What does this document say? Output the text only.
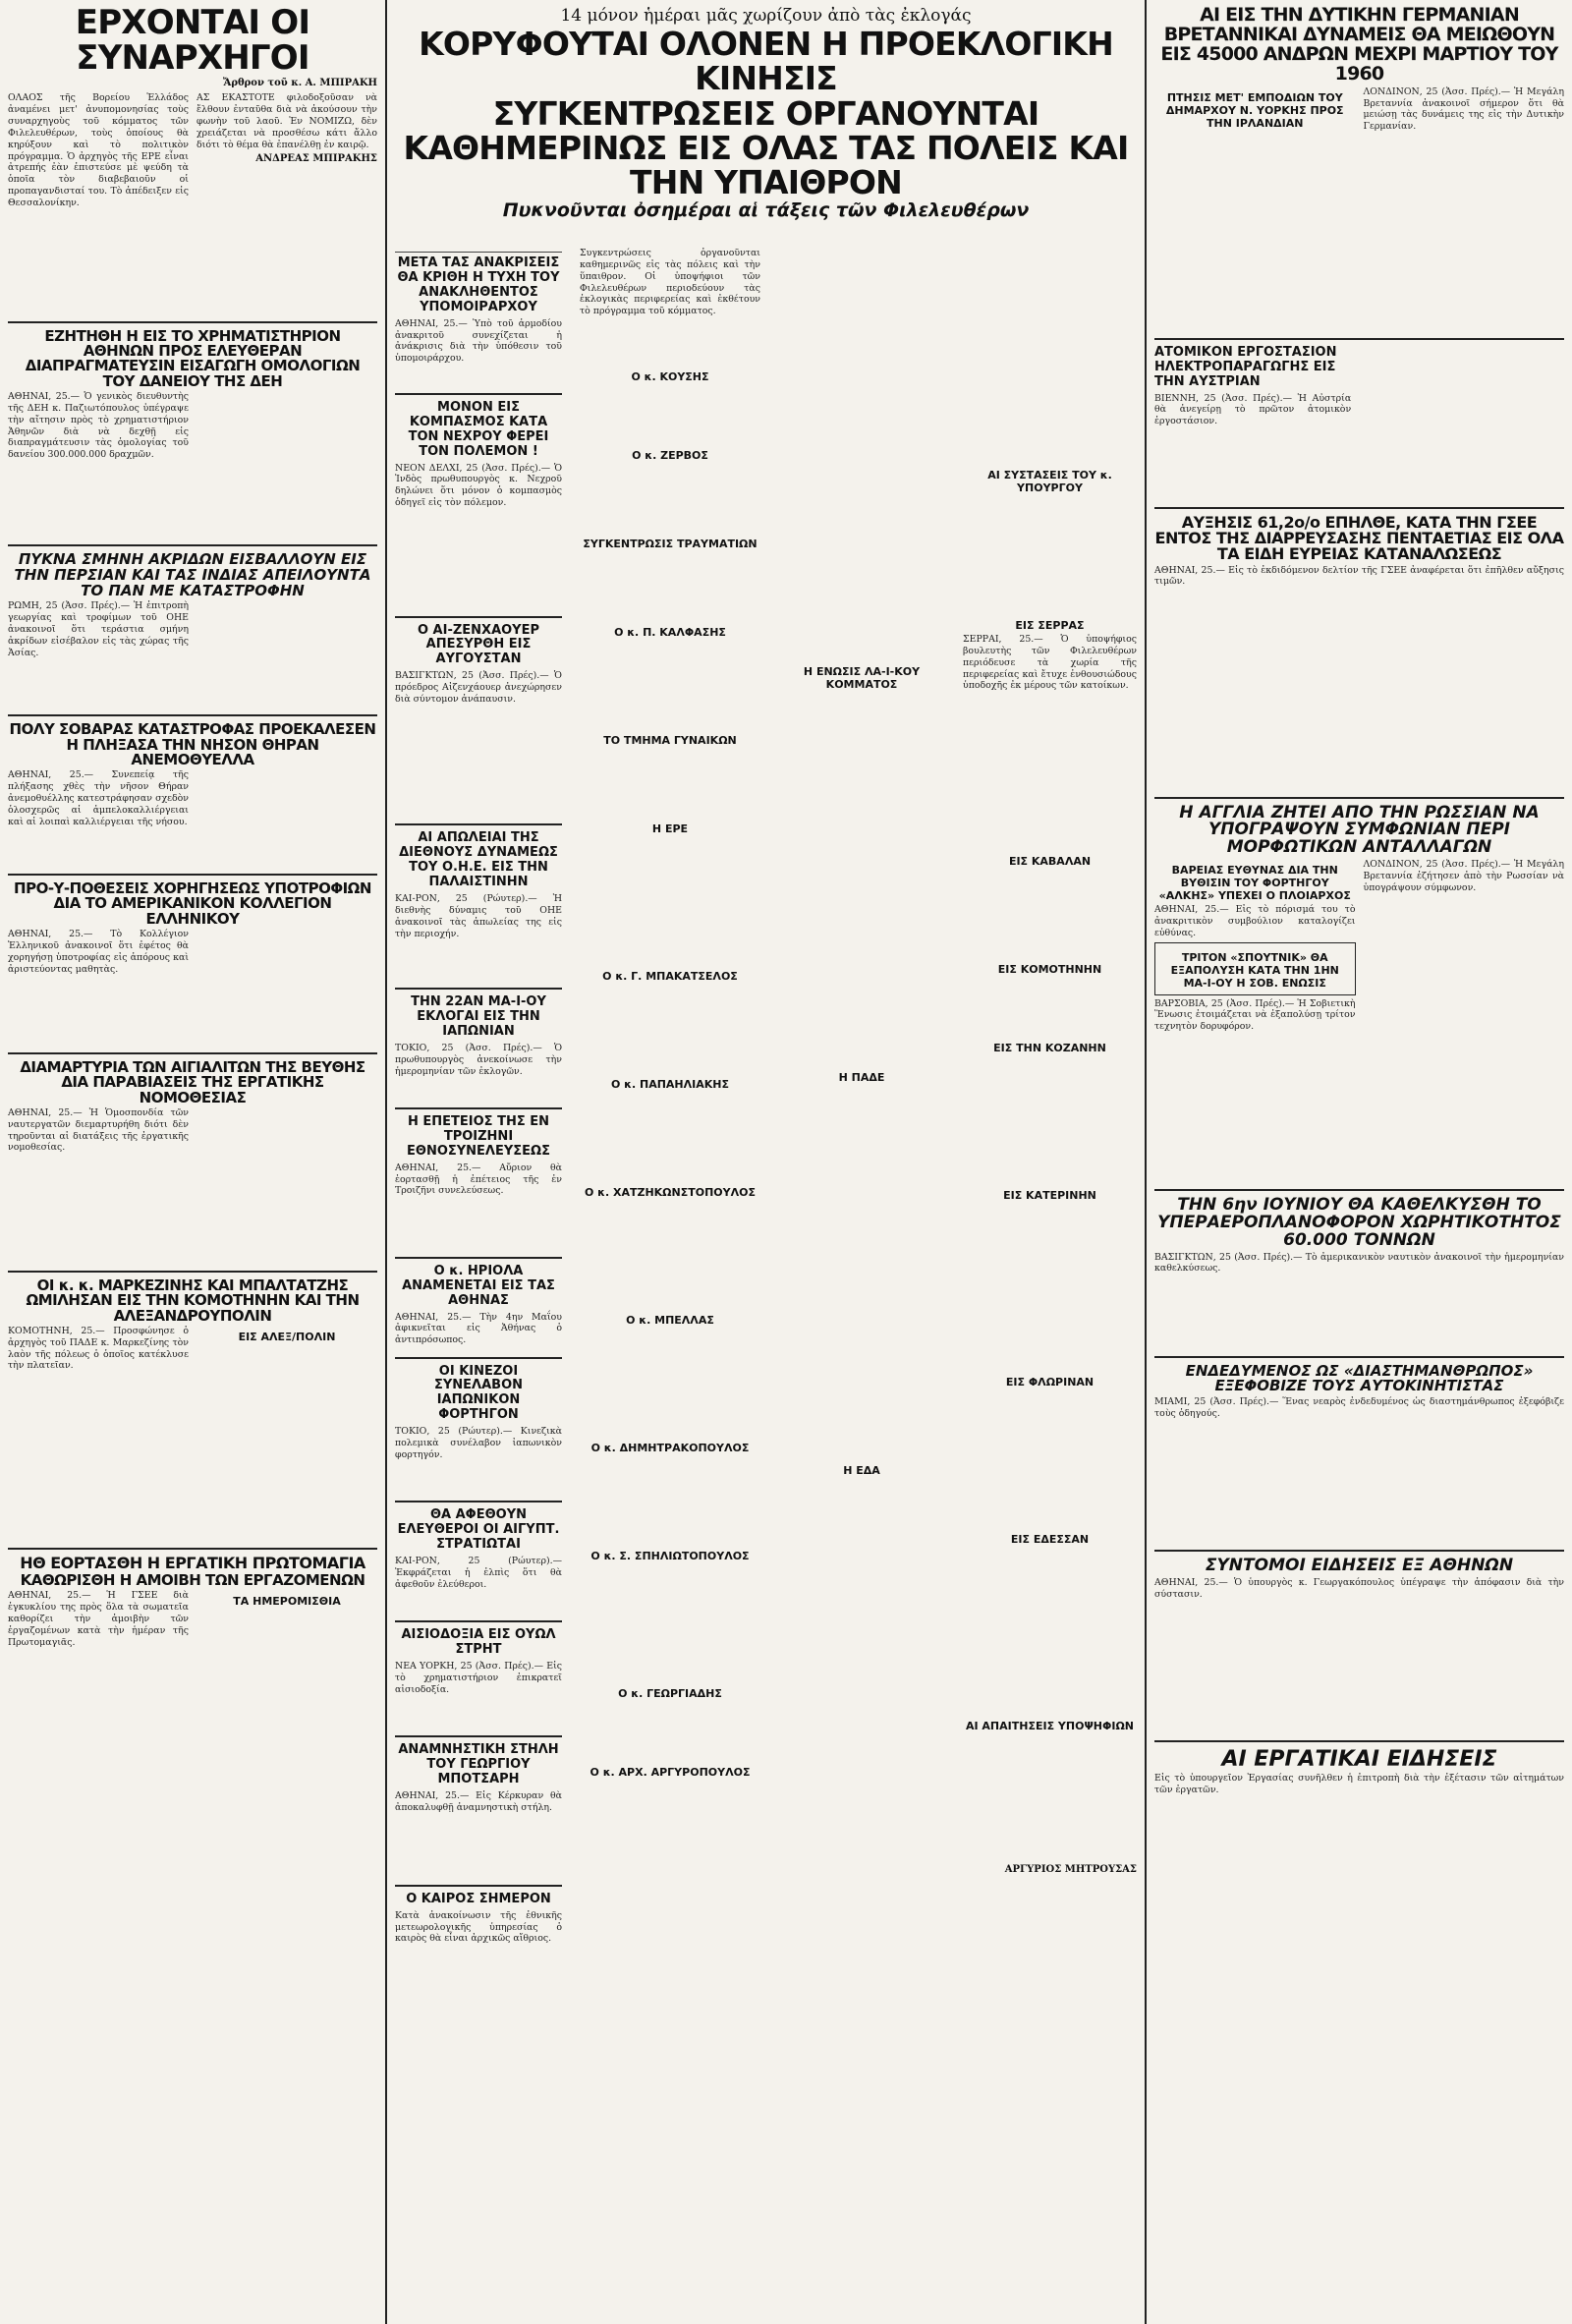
ΕΡΧΟΝΤΑΙ ΟΙ ΣΥΝΑΡΧΗΓΟΙ
Ἄρθρον τοῦ κ. Α. ΜΠΙΡΑΚΗ

ΟΛΑΟΣ τῆς Βορείου Ἑλλάδος ἀναμένει μετ' ἀνυπομονησίας τοὺς συναρχηγοὺς τοῦ κόμματος τῶν Φιλελευθέρων, τοὺς ὁποίους θὰ κηρύξουν καὶ τὸ πολιτικὸν πρόγραμμα. Ὁ ἀρχηγὸς τῆς ΕΡΕ εἶναι ἀτρεπής ἐὰν ἐπιστεύσε μὲ ψεύδη τὰ ὁποῖα τὸν διαβεβαιοῦν οἱ προπαγανδισταί του. Τὸ ἀπέδειξεν εἰς Θεσσαλονίκην.

ΑΣ ΕΚΑΣΤΟΤΕ φιλοδοξοῦσαν νὰ ἔλθουν ἐνταῦθα διὰ νὰ ἀκούσουν τὴν φωνὴν τοῦ λαοῦ. Ἐν ΝΟΜΙΖΩ, δὲν χρειάζεται νὰ προσθέσω κάτι ἄλλο διότι τὸ θέμα θὰ ἐπανέλθῃ ἐν καιρῷ.

ΑΝΔΡΕΑΣ ΜΠΙΡΑΚΗΣ
ΕΖΗΤΗΘΗ Η ΕΙΣ ΤΟ ΧΡΗΜΑΤΙΣΤΗΡΙΟΝ ΑΘΗΝΩΝ ΠΡΟΣ ΕΛΕΥΘΕΡΑΝ ΔΙΑΠΡΑΓΜΑΤΕΥΣΙΝ ΕΙΣΑΓΩΓΗ ΟΜΟΛΟΓΙΩΝ ΤΟΥ ΔΑΝΕΙΟΥ ΤΗΣ ΔΕΗ

ΑΘΗΝΑΙ, 25.— Ὁ γενικὸς διευθυντὴς τῆς ΔΕΗ κ. Παζιωτόπουλος ὑπέγραψε τὴν αἴτησιν πρὸς τὸ χρηματιστήριον Ἀθηνῶν διὰ νὰ δεχθῇ εἰς διαπραγμάτευσιν τὰς ὁμολογίας τοῦ δανείου 300.000.000 δραχμῶν.

ΠΥΚΝΑ ΣΜΗΝΗ ΑΚΡΙΔΩΝ ΕΙΣΒΑΛΛΟΥΝ ΕΙΣ ΤΗΝ ΠΕΡΣΙΑΝ ΚΑΙ ΤΑΣ ΙΝΔΙΑΣ ΑΠΕΙΛΟΥΝΤΑ ΤΟ ΠΑΝ ΜΕ ΚΑΤΑΣΤΡΟΦΗΝ

ΡΩΜΗ, 25 (Ἀσσ. Πρές).— Ἡ ἐπιτροπὴ γεωργίας καὶ τροφίμων τοῦ ΟΗΕ ἀνακοινοῖ ὅτι τεράστια σμήνη ἀκρίδων εἰσέβαλον εἰς τὰς χώρας τῆς Ἀσίας.

ΠΟΛΥ ΣΟΒΑΡΑΣ ΚΑΤΑΣΤΡΟΦΑΣ ΠΡΟΕΚΑΛΕΣΕΝ Η ΠΛΗΞΑΣΑ ΤΗΝ ΝΗΣΟΝ ΘΗΡΑΝ ΑΝΕΜΟΘΥΕΛΛΑ

ΑΘΗΝΑΙ, 25.— Συνεπείᾳ τῆς πλήξασης χθὲς τὴν νῆσον Θήραν ἀνεμοθυέλλης κατεστράφησαν σχεδὸν ὁλοσχερῶς αἱ ἀμπελοκαλλιέργειαι καὶ αἱ λοιπαὶ καλλιέργειαι τῆς νήσου.

ΠΡΟ-Υ-ΠΟΘΕΣΕΙΣ ΧΟΡΗΓΗΣΕΩΣ ΥΠΟΤΡΟΦΙΩΝ ΔΙΑ ΤΟ ΑΜΕΡΙΚΑΝΙΚΟΝ ΚΟΛΛΕΓΙΟΝ ΕΛΛΗΝΙΚΟΥ

ΑΘΗΝΑΙ, 25.— Τὸ Κολλέγιον Ἑλληνικοῦ ἀνακοινοῖ ὅτι ἐφέτος θὰ χορηγήσῃ ὑποτροφίας εἰς ἀπόρους καὶ ἀριστεύοντας μαθητὰς.

ΔΙΑΜΑΡΤΥΡΙΑ ΤΩΝ ΑΙΓΙΑΛΙΤΩΝ ΤΗΣ ΒΕΥΘΗΣ ΔΙΑ ΠΑΡΑΒΙΑΣΕΙΣ ΤΗΣ ΕΡΓΑΤΙΚΗΣ ΝΟΜΟΘΕΣΙΑΣ

ΑΘΗΝΑΙ, 25.— Ἡ Ὁμοσπονδία τῶν ναυτεργατῶν διεμαρτυρήθη διότι δὲν τηροῦνται αἱ διατάξεις τῆς ἐργατικῆς νομοθεσίας.

ΟΙ κ. κ. ΜΑΡΚΕΖΙΝΗΣ ΚΑΙ ΜΠΑΛΤΑΤΖΗΣ ΩΜΙΛΗΣΑΝ ΕΙΣ ΤΗΝ ΚΟΜΟΤΗΝΗΝ ΚΑΙ ΤΗΝ ΑΛΕΞΑΝΔΡΟΥΠΟΛΙΝ

ΚΟΜΟΤΗΝΗ, 25.— Προσφώνησε ὁ ἀρχηγὸς τοῦ ΠΑΔΕ κ. Μαρκεζίνης τὸν λαὸν τῆς πόλεως ὁ ὁποῖος κατέκλυσε τὴν πλατεῖαν.

ΕΙΣ ΑΛΕΞ/ΠΟΛΙΝ
ΗΘ ΕΟΡΤΑΣΘΗ Η ΕΡΓΑΤΙΚΗ ΠΡΩΤΟΜΑΓΙΑ
ΚΑΘΩΡΙΣΘΗ Η ΑΜΟΙΒΗ ΤΩΝ ΕΡΓΑΖΟΜΕΝΩΝ

ΑΘΗΝΑΙ, 25.— Ἡ ΓΣΕΕ διὰ ἐγκυκλίου της πρὸς ὅλα τὰ σωματεῖα καθορίζει τὴν ἀμοιβὴν τῶν ἐργαζομένων κατὰ τὴν ἡμέραν τῆς Πρωτομαγιᾶς.

ΤΑ ΗΜΕΡΟΜΙΣΘΙΑ
14 μόνον ἡμέραι μᾶς χωρίζουν ἀπὸ τὰς ἐκλογάς
ΚΟΡΥΦΟΥΤΑΙ ΟΛΟΝΕΝ Η ΠΡΟΕΚΛΟΓΙΚΗ ΚΙΝΗΣΙΣ
ΣΥΓΚΕΝΤΡΩΣΕΙΣ ΟΡΓΑΝΟΥΝΤΑΙ ΚΑΘΗΜΕΡΙΝΩΣ ΕΙΣ ΟΛΑΣ ΤΑΣ ΠΟΛΕΙΣ ΚΑΙ ΤΗΝ ΥΠΑΙΘΡΟΝ
Πυκνοῦνται ὀσημέραι αἱ τάξεις τῶν Φιλελευθέρων
ΜΕΤΑ ΤΑΣ ΑΝΑΚΡΙΣΕΙΣ ΘΑ ΚΡΙΘΗ Η ΤΥΧΗ ΤΟΥ ΑΝΑΚΛΗΘΕΝΤΟΣ ΥΠΟΜΟΙΡΑΡΧΟΥ

ΑΘΗΝΑΙ, 25.— Ὑπὸ τοῦ ἀρμοδίου ἀνακριτοῦ συνεχίζεται ἡ ἀνάκρισις διὰ τὴν ὑπόθεσιν τοῦ ὑπομοιράρχου.

ΜΟΝΟΝ ΕΙΣ ΚΟΜΠΑΣΜΟΣ ΚΑΤΑ ΤΟΝ ΝΕΧΡΟΥ ΦΕΡΕΙ ΤΟΝ ΠΟΛΕΜΟΝ !

ΝΕΟΝ ΔΕΛΧΙ, 25 (Ἀσσ. Πρές).— Ὁ Ἰνδὸς πρωθυπουργὸς κ. Νεχροῦ δηλώνει ὅτι μόνον ὁ κομπασμὸς ὁδηγεῖ εἰς τὸν πόλεμον.

Ο ΑΙ-ΖΕΝΧΑΟΥΕΡ ΑΠΕΣΥΡΘΗ ΕΙΣ ΑΥΓΟΥΣΤΑΝ

ΒΑΣΙΓΚΤΩΝ, 25 (Ἀσσ. Πρές).— Ὁ πρόεδρος Αἰζενχάουερ ἀνεχώρησεν διὰ σύντομον ἀνάπαυσιν.

ΑΙ ΑΠΩΛΕΙΑΙ ΤΗΣ ΔΙΕΘΝΟΥΣ ΔΥΝΑΜΕΩΣ ΤΟΥ Ο.Η.Ε. ΕΙΣ ΤΗΝ ΠΑΛΑΙΣΤΙΝΗΝ

ΚΑΙ-ΡΟΝ, 25 (Ρώυτερ).— Ἡ διεθνὴς δύναμις τοῦ ΟΗΕ ἀνακοινοῖ τὰς ἀπωλείας της εἰς τὴν περιοχήν.

ΤΗΝ 22ΑΝ ΜΑ-Ι-ΟΥ ΕΚΛΟΓΑΙ ΕΙΣ ΤΗΝ ΙΑΠΩΝΙΑΝ

ΤΟΚΙΟ, 25 (Ἀσσ. Πρές).— Ὁ πρωθυπουργὸς ἀνεκοίνωσε τὴν ἡμερομηνίαν τῶν ἐκλογῶν.

Η ΕΠΕΤΕΙΟΣ ΤΗΣ ΕΝ ΤΡΟΙΖΗΝΙ ΕΘΝΟΣΥΝΕΛΕΥΣΕΩΣ

ΑΘΗΝΑΙ, 25.— Αὔριον θὰ ἑορτασθῇ ἡ ἐπέτειος τῆς ἐν Τροιζῆνι συνελεύσεως.

Ο κ. ΗΡΙΟΛΑ ΑΝΑΜΕΝΕΤΑΙ ΕΙΣ ΤΑΣ ΑΘΗΝΑΣ

ΑΘΗΝΑΙ, 25.— Τὴν 4ην Μαΐου ἀφικνεῖται εἰς Ἀθήνας ὁ ἀντιπρόσωπος.

ΟΙ ΚΙΝΕΖΟΙ ΣΥΝΕΛΑΒΟΝ ΙΑΠΩΝΙΚΟΝ ΦΟΡΤΗΓΟΝ

ΤΟΚΙΟ, 25 (Ρώυτερ).— Κινεζικὰ πολεμικὰ συνέλαβον ἰαπωνικὸν φορτηγόν.

ΘΑ ΑΦΕΘΟΥΝ ΕΛΕΥΘΕΡΟΙ ΟΙ ΑΙΓΥΠΤ. ΣΤΡΑΤΙΩΤΑΙ

ΚΑΙ-ΡΟΝ, 25 (Ρώυτερ).— Ἐκφράζεται ἡ ἐλπὶς ὅτι θὰ ἀφεθοῦν ἐλεύθεροι.

ΑΙΣΙΟΔΟΞΙΑ ΕΙΣ ΟΥΩΛ ΣΤΡΗΤ

ΝΕΑ ΥΟΡΚΗ, 25 (Ἀσσ. Πρές).— Εἰς τὸ χρηματιστήριον ἐπικρατεῖ αἰσιοδοξία.

ΑΝΑΜΝΗΣΤΙΚΗ ΣΤΗΛΗ ΤΟΥ ΓΕΩΡΓΙΟΥ ΜΠΟΤΣΑΡΗ

ΑΘΗΝΑΙ, 25.— Εἰς Κέρκυραν θὰ ἀποκαλυφθῇ ἀναμνηστικὴ στήλη.

Ο ΚΑΙΡΟΣ ΣΗΜΕΡΟΝ

Κατὰ ἀνακοίνωσιν τῆς ἐθνικῆς μετεωρολογικῆς ὑπηρεσίας ὁ καιρὸς θὰ εἶναι ἀρχικῶς αἴθριος.

Συγκεντρώσεις ὀργανοῦνται καθημερινῶς εἰς τὰς πόλεις καὶ τὴν ὕπαιθρον. Οἱ ὑποψήφιοι τῶν Φιλελευθέρων περιοδεύουν τὰς ἐκλογικὰς περιφερείας καὶ ἐκθέτουν τὸ πρόγραμμα τοῦ κόμματος.

Ο κ. ΚΟΥΣΗΣ
Ο κ. ΖΕΡΒΟΣ
ΣΥΓΚΕΝΤΡΩΣΙΣ ΤΡΑΥΜΑΤΙΩΝ
Ο κ. Π. ΚΑΛΦΑΣΗΣ
ΤΟ ΤΜΗΜΑ ΓΥΝΑΙΚΩΝ
Η ΕΡΕ
Ο κ. Γ. ΜΠΑΚΑΤΣΕΛΟΣ
Ο κ. ΠΑΠΑΗΛΙΑΚΗΣ
Ο κ. ΧΑΤΖΗΚΩΝΣΤΟΠΟΥΛΟΣ
Ο κ. ΜΠΕΛΛΑΣ
Ο κ. ΔΗΜΗΤΡΑΚΟΠΟΥΛΟΣ
Ο κ. Σ. ΣΠΗΛΙΩΤΟΠΟΥΛΟΣ
Ο κ. ΓΕΩΡΓΙΑΔΗΣ
Ο κ. ΑΡΧ. ΑΡΓΥΡΟΠΟΥΛΟΣ
Η ΕΝΩΣΙΣ ΛΑ-Ι-ΚΟΥ ΚΟΜΜΑΤΟΣ
Η ΠΑΔΕ
Η ΕΔΑ
ΑΙ ΣΥΣΤΑΣΕΙΣ ΤΟΥ κ. ΥΠΟΥΡΓΟΥ
ΕΙΣ ΣΕΡΡΑΣ

ΣΕΡΡΑΙ, 25.— Ὁ ὑποψήφιος βουλευτὴς τῶν Φιλελευθέρων περιόδευσε τὰ χωρία τῆς περιφερείας καὶ ἔτυχε ἐνθουσιώδους ὑποδοχῆς ἐκ μέρους τῶν κατοίκων.

ΕΙΣ ΚΑΒΑΛΑΝ
ΕΙΣ ΚΟΜΟΤΗΝΗΝ
ΕΙΣ ΤΗΝ ΚΟΖΑΝΗΝ
ΕΙΣ ΚΑΤΕΡΙΝΗΝ
ΕΙΣ ΦΛΩΡΙΝΑΝ
ΕΙΣ ΕΔΕΣΣΑΝ
ΑΙ ΑΠΑΙΤΗΣΕΙΣ ΥΠΟΨΗΦΙΩΝ
ΑΡΓΥΡΙΟΣ ΜΗΤΡΟΥΣΑΣ
ΑΙ ΕΙΣ ΤΗΝ ΔΥΤΙΚΗΝ ΓΕΡΜΑΝΙΑΝ ΒΡΕΤΑΝΝΙΚΑΙ ΔΥΝΑΜΕΙΣ ΘΑ ΜΕΙΩΘΟΥΝ ΕΙΣ 45000 ΑΝΔΡΩΝ ΜΕΧΡΙ ΜΑΡΤΙΟΥ ΤΟΥ 1960
ΠΤΗΣΙΣ ΜΕΤ' ΕΜΠΟΔΙΩΝ ΤΟΥ ΔΗΜΑΡΧΟΥ Ν. ΥΟΡΚΗΣ ΠΡΟΣ ΤΗΝ ΙΡΛΑΝΔΙΑΝ

ΛΟΝΔΙΝΟΝ, 25 (Ἀσσ. Πρές).— Ἡ Μεγάλη Βρεταννία ἀνακοινοῖ σήμερον ὅτι θὰ μειώσῃ τὰς δυνάμεις της εἰς τὴν Δυτικὴν Γερμανίαν.

ΑΤΟΜΙΚΟΝ ΕΡΓΟΣΤΑΣΙΟΝ ΗΛΕΚΤΡΟΠΑΡΑΓΩΓΗΣ ΕΙΣ ΤΗΝ ΑΥΣΤΡΙΑΝ

ΒΙΕΝΝΗ, 25 (Ἀσσ. Πρές).— Ἡ Αὐστρία θὰ ἀνεγείρῃ τὸ πρῶτον ἀτομικὸν ἐργοστάσιον.

ΑΥΞΗΣΙΣ 61,2ο/ο ΕΠΗΛΘΕ, ΚΑΤΑ ΤΗΝ ΓΣΕΕ ΕΝΤΟΣ ΤΗΣ ΔΙΑΡΡΕΥΣΑΣΗΣ ΠΕΝΤΑΕΤΙΑΣ ΕΙΣ ΟΛΑ ΤΑ ΕΙΔΗ ΕΥΡΕΙΑΣ ΚΑΤΑΝΑΛΩΣΕΩΣ

ΑΘΗΝΑΙ, 25.— Εἰς τὸ ἐκδιδόμενον δελτίον τῆς ΓΣΕΕ ἀναφέρεται ὅτι ἐπῆλθεν αὔξησις τιμῶν.

Η ΑΓΓΛΙΑ ΖΗΤΕΙ ΑΠΟ ΤΗΝ ΡΩΣΣΙΑΝ ΝΑ ΥΠΟΓΡΑΨΟΥΝ ΣΥΜΦΩΝΙΑΝ ΠΕΡΙ ΜΟΡΦΩΤΙΚΩΝ ΑΝΤΑΛΛΑΓΩΝ
ΒΑΡΕΙΑΣ ΕΥΘΥΝΑΣ ΔΙΑ ΤΗΝ ΒΥΘΙΣΙΝ ΤΟΥ ΦΟΡΤΗΓΟΥ «ΑΛΚΗΣ» ΥΠΕΧΕΙ Ο ΠΛΟΙΑΡΧΟΣ

ΑΘΗΝΑΙ, 25.— Εἰς τὸ πόρισμά του τὸ ἀνακριτικὸν συμβούλιον καταλογίζει εὐθύνας.

ΤΡΙΤΟΝ «ΣΠΟΥΤΝΙΚ» ΘΑ ΕΞΑΠΟΛΥΣΗ ΚΑΤΑ ΤΗΝ 1ΗΝ ΜΑ-Ι-ΟΥ Η ΣΟΒ. ΕΝΩΣΙΣ

ΒΑΡΣΟΒΙΑ, 25 (Ἀσσ. Πρές).— Ἡ Σοβιετικὴ Ἕνωσις ἑτοιμάζεται νὰ ἐξαπολύσῃ τρίτον τεχνητὸν δορυφόρον.

ΛΟΝΔΙΝΟΝ, 25 (Ἀσσ. Πρές).— Ἡ Μεγάλη Βρεταννία ἐζήτησεν ἀπὸ τὴν Ρωσσίαν νὰ ὑπογράψουν σύμφωνον.

ΤΗΝ 6ην ΙΟΥΝΙΟΥ ΘΑ ΚΑΘΕΛΚΥΣΘΗ ΤΟ ΥΠΕΡΑΕΡΟΠΛΑΝΟΦΟΡΟΝ ΧΩΡΗΤΙΚΟΤΗΤΟΣ 60.000 ΤΟΝΝΩΝ

ΒΑΣΙΓΚΤΩΝ, 25 (Ἀσσ. Πρές).— Τὸ ἀμερικανικὸν ναυτικὸν ἀνακοινοῖ τὴν ἡμερομηνίαν καθελκύσεως.

ΕΝΔΕΔΥΜΕΝΟΣ ΩΣ «ΔΙΑΣΤΗΜΑΝΘΡΩΠΟΣ» ΕΞΕΦΟΒΙΖΕ ΤΟΥΣ ΑΥΤΟΚΙΝΗΤΙΣΤΑΣ

ΜΙΑΜΙ, 25 (Ἀσσ. Πρές).— Ἕνας νεαρὸς ἐνδεδυμένος ὡς διαστημάνθρωπος ἐξεφόβιζε τοὺς ὁδηγούς.

ΣΥΝΤΟΜΟΙ ΕΙΔΗΣΕΙΣ ΕΞ ΑΘΗΝΩΝ

ΑΘΗΝΑΙ, 25.— Ὁ ὑπουργὸς κ. Γεωργακόπουλος ὑπέγραψε τὴν ἀπόφασιν διὰ τὴν σύστασιν.

ΑΙ ΕΡΓΑΤΙΚΑΙ ΕΙΔΗΣΕΙΣ

Εἰς τὸ ὑπουργεῖον Ἐργασίας συνῆλθεν ἡ ἐπιτροπὴ διὰ τὴν ἐξέτασιν τῶν αἰτημάτων τῶν ἐργατῶν.
